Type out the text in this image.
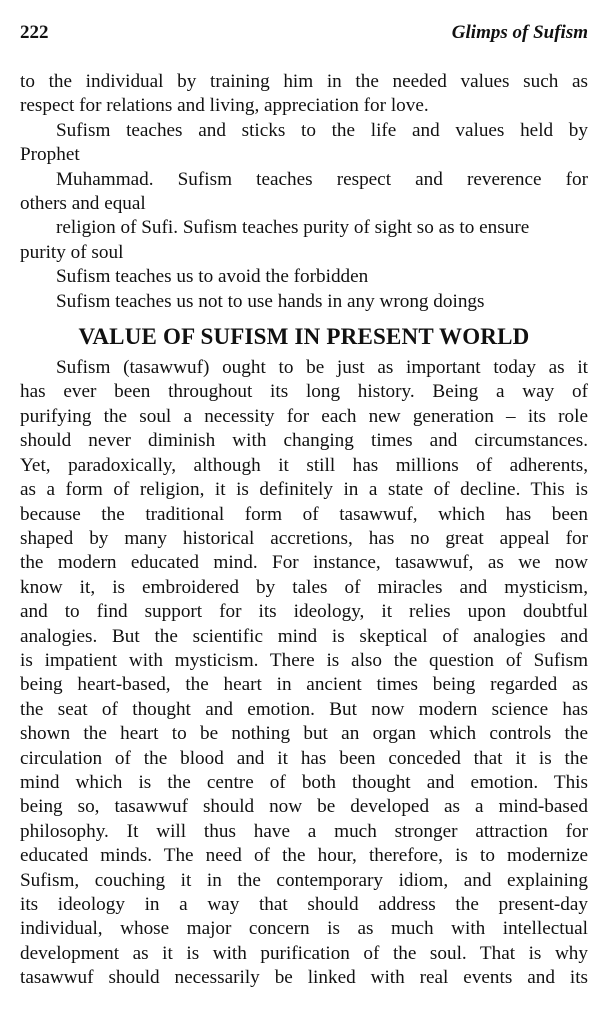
222	Glimps of Sufism
to the individual by training him in the needed values such as
respect for relations and living, appreciation for love.
Sufism teaches and sticks to the life and values held by
Prophet
Muhammad. Sufism teaches respect and reverence for
others and equal
religion of Sufi. Sufism teaches purity of sight so as to ensure
purity of soul
Sufism teaches us to avoid the forbidden
Sufism teaches us not to use hands in any wrong doings
VALUE OF SUFISM IN PRESENT WORLD
Sufism (tasawwuf) ought to be just as important today as it
has ever been throughout its long history. Being a way of
purifying the soul a necessity for each new generation – its role
should never diminish with changing times and circumstances.
Yet, paradoxically, although it still has millions of adherents,
as a form of religion, it is definitely in a state of decline. This is
because the traditional form of tasawwuf, which has been
shaped by many historical accretions, has no great appeal for
the modern educated mind. For instance, tasawwuf, as we now
know it, is embroidered by tales of miracles and mysticism,
and to find support for its ideology, it relies upon doubtful
analogies. But the scientific mind is skeptical of analogies and
is impatient with mysticism. There is also the question of Sufism
being heart-based, the heart in ancient times being regarded as
the seat of thought and emotion. But now modern science has
shown the heart to be nothing but an organ which controls the
circulation of the blood and it has been conceded that it is the
mind which is the centre of both thought and emotion. This
being so, tasawwuf should now be developed as a mind-based
philosophy. It will thus have a much stronger attraction for
educated minds. The need of the hour, therefore, is to modernize
Sufism, couching it in the contemporary idiom, and explaining
its ideology in a way that should address the present-day
individual, whose major concern is as much with intellectual
development as it is with purification of the soul. That is why
tasawwuf should necessarily be linked with real events and its
